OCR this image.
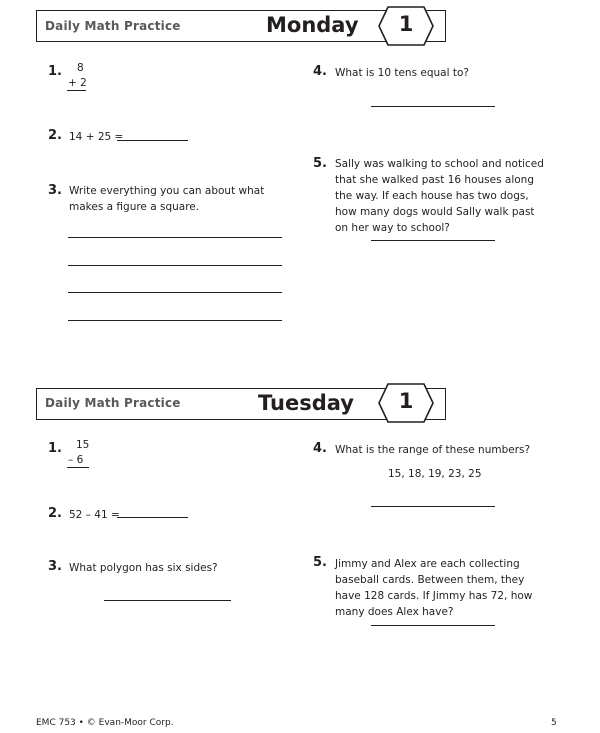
Daily Math Practice	Monday	1
1. 8
+ 2
2. 14 + 25 =
3. Write everything you can about what makes a figure a square.
4. What is 10 tens equal to?
5. Sally was walking to school and noticed that she walked past 16 houses along the way. If each house has two dogs, how many dogs would Sally walk past on her way to school?
Daily Math Practice	Tuesday	1
1. 15
– 6
2. 52 – 41 =
3. What polygon has six sides?
4. What is the range of these numbers?
15, 18, 19, 23, 25
5. Jimmy and Alex are each collecting baseball cards. Between them, they have 128 cards. If Jimmy has 72, how many does Alex have?
EMC 753 • © Evan-Moor Corp.	5
